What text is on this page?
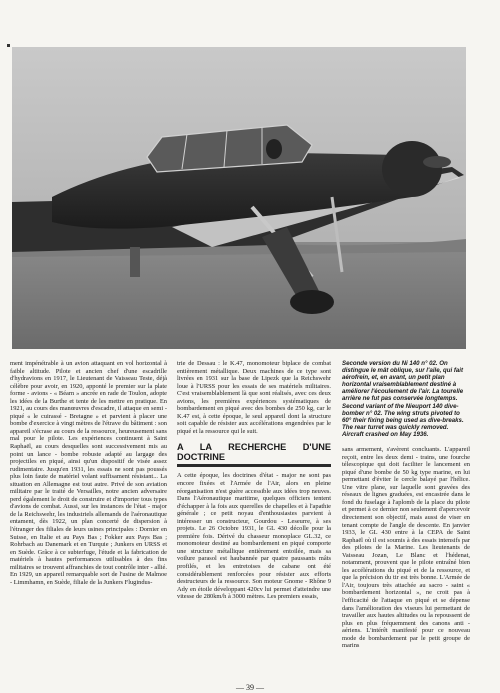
ment impénétrable à un avion attaquant en vol horizontal à faible altitude. Pilote et ancien chef d'une escadrille d'hydravions en 1917, le Lieutenant de Vaisseau Teste, déjà célèbre pour avoir, en 1920, apponté le premier sur la plate forme - avions - « Béarn » ancrée en rade de Toulon, adopte les idées de la Burthe et tente de les mettre en pratique. En 1921, au cours des manœuvres d'escadre, il attaque en semi - piqué « le cuirassé - Bretagne » et parvient à placer une bombe d'exercice à vingt mètres de l'étrave du bâtiment : son appareil s'écrase au cours de la ressource, heureusement sans mal pour le pilote. Les expériences continuent à Saint Raphaël, au cours desquelles sont successivement mis au point un lance - bombe robuste adapté au largage des projectiles en piqué, ainsi qu'un dispositif de visée assez rudimentaire. Jusqu'en 1931, les essais ne sont pas poussés plus loin faute de matériel volant suffisament résistant... La situation en Allemagne est tout autre. Privé de son aviation militaire par le traité de Versailles, notre ancien adversaire perd également le droit de construire et d'importer tous types d'avions de combat. Aussi, sur les instances de l'état - major de la Reichswehr, les industriels allemands de l'aéronautique entament, dès 1922, un plan concerté de dispersion à l'étranger des filiales de leurs usines principales : Dornier en Suisse, en Italie et au Pays Bas ; Fokker aux Pays Bas ; Rohrbach au Danemark et en Turquie ; Junkers en URSS et en Suède. Grâce à ce subterfuge, l'étude et la fabrication de matériels à hautes performances utilisables à des fins militaires se trouvent affranchies de tout contrôle inter - allié. En 1929, un appareil remarquable sort de l'usine de Malmoe - Limmhamn, en Suède, filiale de la Junkers Flugindus-

trie de Dessau : le K.47, monomoteur biplace de combat entièrement métallique. Deux machines de ce type sont livrées en 1931 sur la base de Lipezk que la Reichswehr loue à l'URSS pour les essais de ses matériels militaires. C'est vraisemblablement là que sont réalisés, avec ces deux avions, les premières expériences systématiques de bombardement en piqué avec des bombes de 250 kg, car le K.47 est, à cette époque, le seul appareil dont la structure soit capable de résister aux accélérations engendrées par le piqué et la ressource qui le suit.

A LA RECHERCHE D'UNE DOCTRINE

A cette époque, les doctrines d'état - major ne sont pas encore fixées et l'Armée de l'Air, alors en pleine réorganisation n'est guère accessible aux idées trop neuves. Dans l'Aéronautique maritime, quelques officiers tentent d'échapper à la fois aux querelles de chapelles et à l'apathie générale ; ce petit noyau d'enthousiastes parvient à intéresser un constructeur, Gourdou - Leseurre, à ses projets. Le 26 Octobre 1931, le GL 430 décolle pour la première fois. Dérivé du chasseur monoplace GL.32, ce monomoteur destiné au bombardement en piqué comporte une structure métallique entièrement entoilée, mais sa voilure parasol est haubannée par quatre paussants mâts profilés, et les entretoises de cabane ont été considérablement renforcées pour résister aux efforts destructeurs de la ressource. Son moteur Gnome - Rhône 9 Ady en étoile développant 420cv lui permet d'atteindre une vitesse de 280km/h à 3000 mètres. Les premiers essais,

Seconde version du Ni 140 n° 02. On distingue le mât oblique, sur l'aile, qui fait aérofrein, et, en avant, un petit plan horizontal vraisemblablement destiné à améliorer l'écoulement de l'air. La tourelle arrière ne fut pas conservée longtemps. Second variant of the Nieuport 140 dive-bomber n° 02. The wing struts pivoted to 60° their fixing being used as dive-breaks. The rear turret was quickly removed. Aircraft crashed on May 1936.

sans armement, s'avèrent concluants. L'appareil reçoit, entre les deux demi - trains, une fourche télescopique qui doit faciliter le lancement en piqué d'une bombe de 50 kg type marine, en lui permettant d'éviter le cercle balayé par l'hélice. Une vitre plane, sur laquelle sont gravées des réseaux de lignes graduées, est encastrée dans le fond du fuselage à l'aplomb de la place du pilote et permet à ce dernier non seulement d'apercevoir directement son objectif, mais aussi de viser en tenant compte de l'angle de descente. En janvier 1933, le GL 430 entre à la CEPA de Saint Raphaël où il est soumis à des essais intensifs par des pilotes de la Marine. Les lieutenants de Vaisseau Jozan, Le Blanc et l'hédenat, notamment, prouvent que le pilote entraîné bien les accélérations du piqué et de la ressource, et que la précision du tir est très bonne. L'Armée de l'Air, toujours très attachée au sacro - saint « bombardement horizontal », ne croit pas à l'efficacité de l'attaque en piqué et se dépense dans l'amélioration des viseurs lui permettant de travailler aux hautes altitudes ou la repoussent de plus en plus fréquemment des canons anti - aériens. L'intérêt manifesté pour ce nouveau mode de bombardement par le petit groupe de marins

— 39 —
